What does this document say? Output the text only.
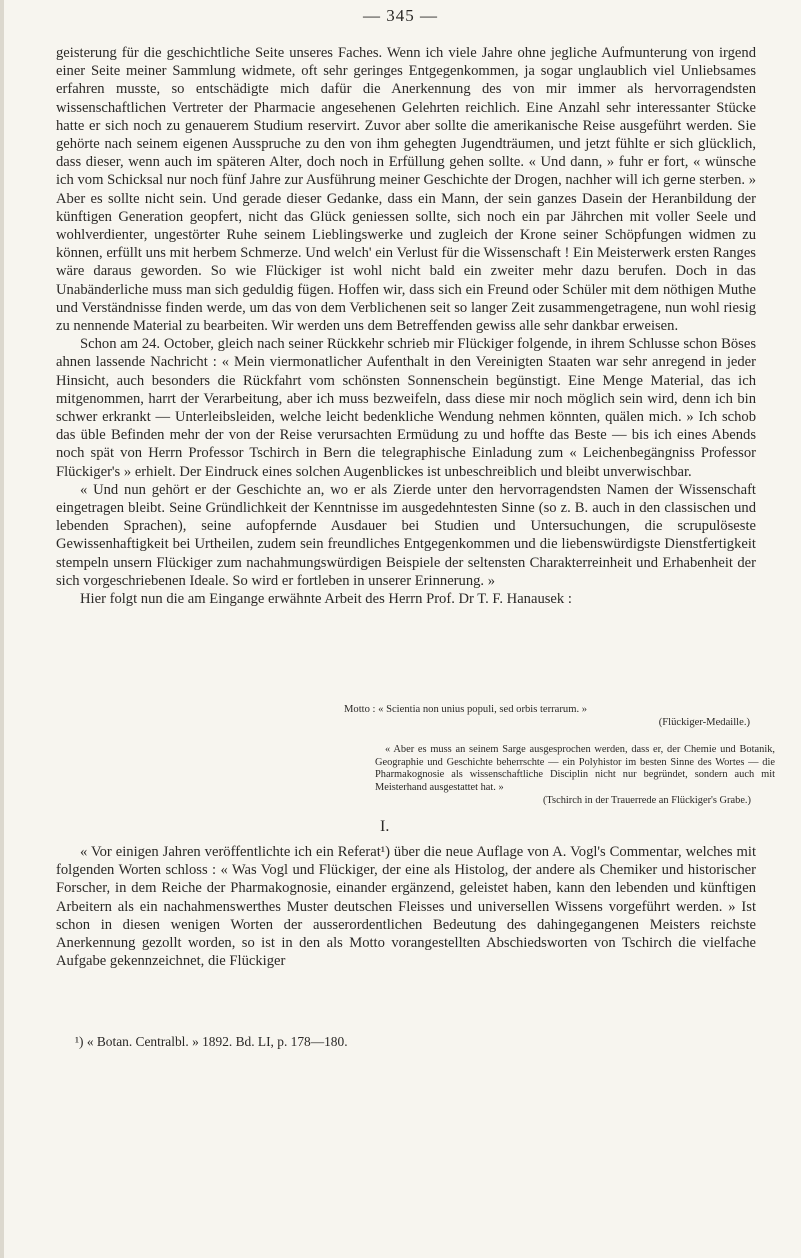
— 345 —

geisterung für die geschichtliche Seite unseres Faches. Wenn ich viele Jahre ohne jegliche Aufmunterung von irgend einer Seite meiner Sammlung widmete, oft sehr geringes Entgegenkommen, ja sogar unglaublich viel Unliebsames erfahren musste, so entschädigte mich dafür die Anerkennung des von mir immer als hervorragendsten wissenschaftlichen Vertreter der Pharmacie angesehenen Gelehrten reichlich. Eine Anzahl sehr interessanter Stücke hatte er sich noch zu genauerem Studium reservirt. Zuvor aber sollte die amerikanische Reise ausgeführt werden. Sie gehörte nach seinem eigenen Ausspruche zu den von ihm gehegten Jugendträumen, und jetzt fühlte er sich glücklich, dass dieser, wenn auch im späteren Alter, doch noch in Erfüllung gehen sollte. « Und dann, » fuhr er fort, « wünsche ich vom Schicksal nur noch fünf Jahre zur Ausführung meiner Geschichte der Drogen, nachher will ich gerne sterben. » Aber es sollte nicht sein. Und gerade dieser Gedanke, dass ein Mann, der sein ganzes Dasein der Heranbildung der künftigen Generation geopfert, nicht das Glück geniessen sollte, sich noch ein par Jährchen mit voller Seele und wohlverdienter, ungestörter Ruhe seinem Lieblingswerke und zugleich der Krone seiner Schöpfungen widmen zu können, erfüllt uns mit herbem Schmerze. Und welch' ein Verlust für die Wissenschaft ! Ein Meisterwerk ersten Ranges wäre daraus geworden. So wie Flückiger ist wohl nicht bald ein zweiter mehr dazu berufen. Doch in das Unabänderliche muss man sich geduldig fügen. Hoffen wir, dass sich ein Freund oder Schüler mit dem nöthigen Muthe und Verständnisse finden werde, um das von dem Verblichenen seit so langer Zeit zusammengetragene, nun wohl riesig zu nennende Material zu bearbeiten. Wir werden uns dem Betreffenden gewiss alle sehr dankbar erweisen.

Schon am 24. October, gleich nach seiner Rückkehr schrieb mir Flückiger folgende, in ihrem Schlusse schon Böses ahnen lassende Nachricht : « Mein viermonatlicher Aufenthalt in den Vereinigten Staaten war sehr anregend in jeder Hinsicht, auch besonders die Rückfahrt vom schönsten Sonnenschein begünstigt. Eine Menge Material, das ich mitgenommen, harrt der Verarbeitung, aber ich muss bezweifeln, dass diese mir noch möglich sein wird, denn ich bin schwer erkrankt — Unterleibsleiden, welche leicht bedenkliche Wendung nehmen könnten, quälen mich. » Ich schob das üble Befinden mehr der von der Reise verursachten Ermüdung zu und hoffte das Beste — bis ich eines Abends noch spät von Herrn Professor Tschirch in Bern die telegraphische Einladung zum « Leichenbegängniss Professor Flückiger's » erhielt. Der Eindruck eines solchen Augenblickes ist unbeschreiblich und bleibt unverwischbar.

« Und nun gehört er der Geschichte an, wo er als Zierde unter den hervorragendsten Namen der Wissenschaft eingetragen bleibt. Seine Gründlichkeit der Kenntnisse im ausgedehntesten Sinne (so z. B. auch in den classischen und lebenden Sprachen), seine aufopfernde Ausdauer bei Studien und Untersuchungen, die scrupulöseste Gewissenhaftigkeit bei Urtheilen, zudem sein freundliches Entgegenkommen und die liebenswürdigste Dienstfertigkeit stempeln unsern Flückiger zum nachahmungswürdigen Beispiele der seltensten Charakterreinheit und Erhabenheit der sich vorgeschriebenen Ideale. So wird er fortleben in unserer Erinnerung. »

Hier folgt nun die am Eingange erwähnte Arbeit des Herrn Prof. Dr T. F. Hanausek :

Motto : « Scientia non unius populi, sed orbis terrarum. »
(Flückiger-Medaille.)

« Aber es muss an seinem Sarge ausgesprochen werden, dass er, der Chemie und Botanik, Geographie und Geschichte beherrschte — ein Polyhistor im besten Sinne des Wortes — die Pharmakognosie als wissenschaftliche Disciplin nicht nur begründet, sondern auch mit Meisterhand ausgestattet hat. »

(Tschirch in der Trauerrede an Flückiger's Grabe.)
I.

« Vor einigen Jahren veröffentlichte ich ein Referat¹) über die neue Auflage von A. Vogl's Commentar, welches mit folgenden Worten schloss : « Was Vogl und Flückiger, der eine als Histolog, der andere als Chemiker und historischer Forscher, in dem Reiche der Pharmakognosie, einander ergänzend, geleistet haben, kann den lebenden und künftigen Arbeitern als ein nachahmenswerthes Muster deutschen Fleisses und universellen Wissens vorgeführt werden. » Ist schon in diesen wenigen Worten der ausserordentlichen Bedeutung des dahingegangenen Meisters reichste Anerkennung gezollt worden, so ist in den als Motto vorangestellten Abschiedsworten von Tschirch die vielfache Aufgabe gekennzeichnet, die Flückiger

¹) « Botan. Centralbl. » 1892. Bd. LI, p. 178—180.
